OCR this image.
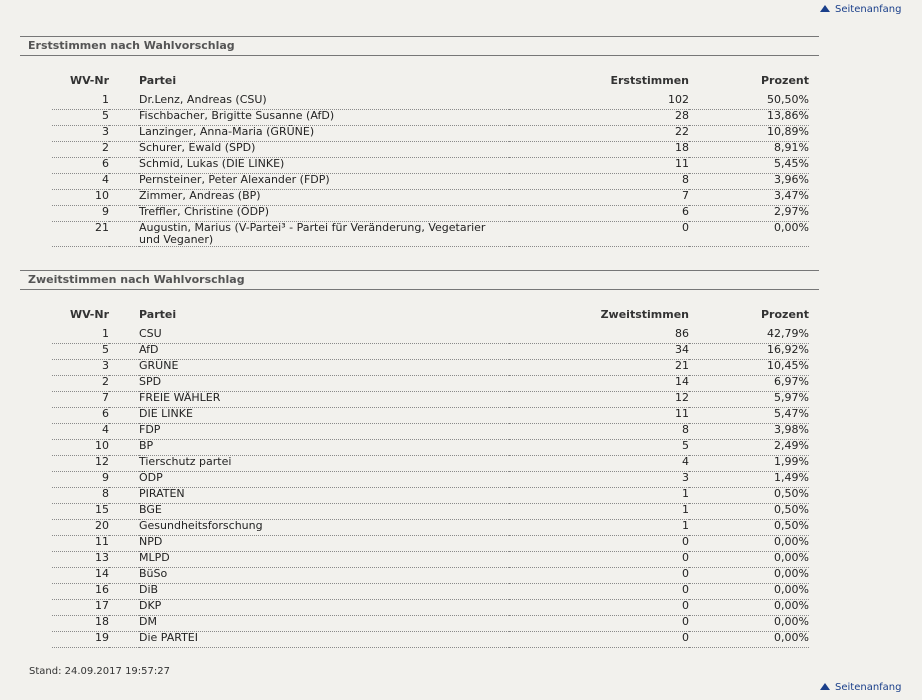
Seitenanfang
Erststimmen nach Wahlvorschlag
WV-Nr		Partei	Erststimmen	Prozent

1		Dr.Lenz, Andreas (CSU)	102	50,50%
5		Fischbacher, Brigitte Susanne (AfD)	28	13,86%
3		Lanzinger, Anna-Maria (GRÜNE)	22	10,89%
2		Schurer, Ewald (SPD)	18	8,91%
6		Schmid, Lukas (DIE LINKE)	11	5,45%
4		Pernsteiner, Peter Alexander (FDP)	8	3,96%
10		Zimmer, Andreas (BP)	7	3,47%
9		Treffler, Christine (ÖDP)	6	2,97%
21		Augustin, Marius (V-Partei³ - Partei für Veränderung, Vegetarier und Veganer)	0	0,00%
Zweitstimmen nach Wahlvorschlag
WV-Nr		Partei	Zweitstimmen	Prozent

1		CSU	86	42,79%
5		AfD	34	16,92%
3		GRÜNE	21	10,45%
2		SPD	14	6,97%
7		FREIE WÄHLER	12	5,97%
6		DIE LINKE	11	5,47%
4		FDP	8	3,98%
10		BP	5	2,49%
12		Tierschutz partei	4	1,99%
9		ÖDP	3	1,49%
8		PIRATEN	1	0,50%
15		BGE	1	0,50%
20		Gesundheitsforschung	1	0,50%
11		NPD	0	0,00%
13		MLPD	0	0,00%
14		BüSo	0	0,00%
16		DiB	0	0,00%
17		DKP	0	0,00%
18		DM	0	0,00%
19		Die PARTEI	0	0,00%
Stand: 24.09.2017 19:57:27
Seitenanfang
